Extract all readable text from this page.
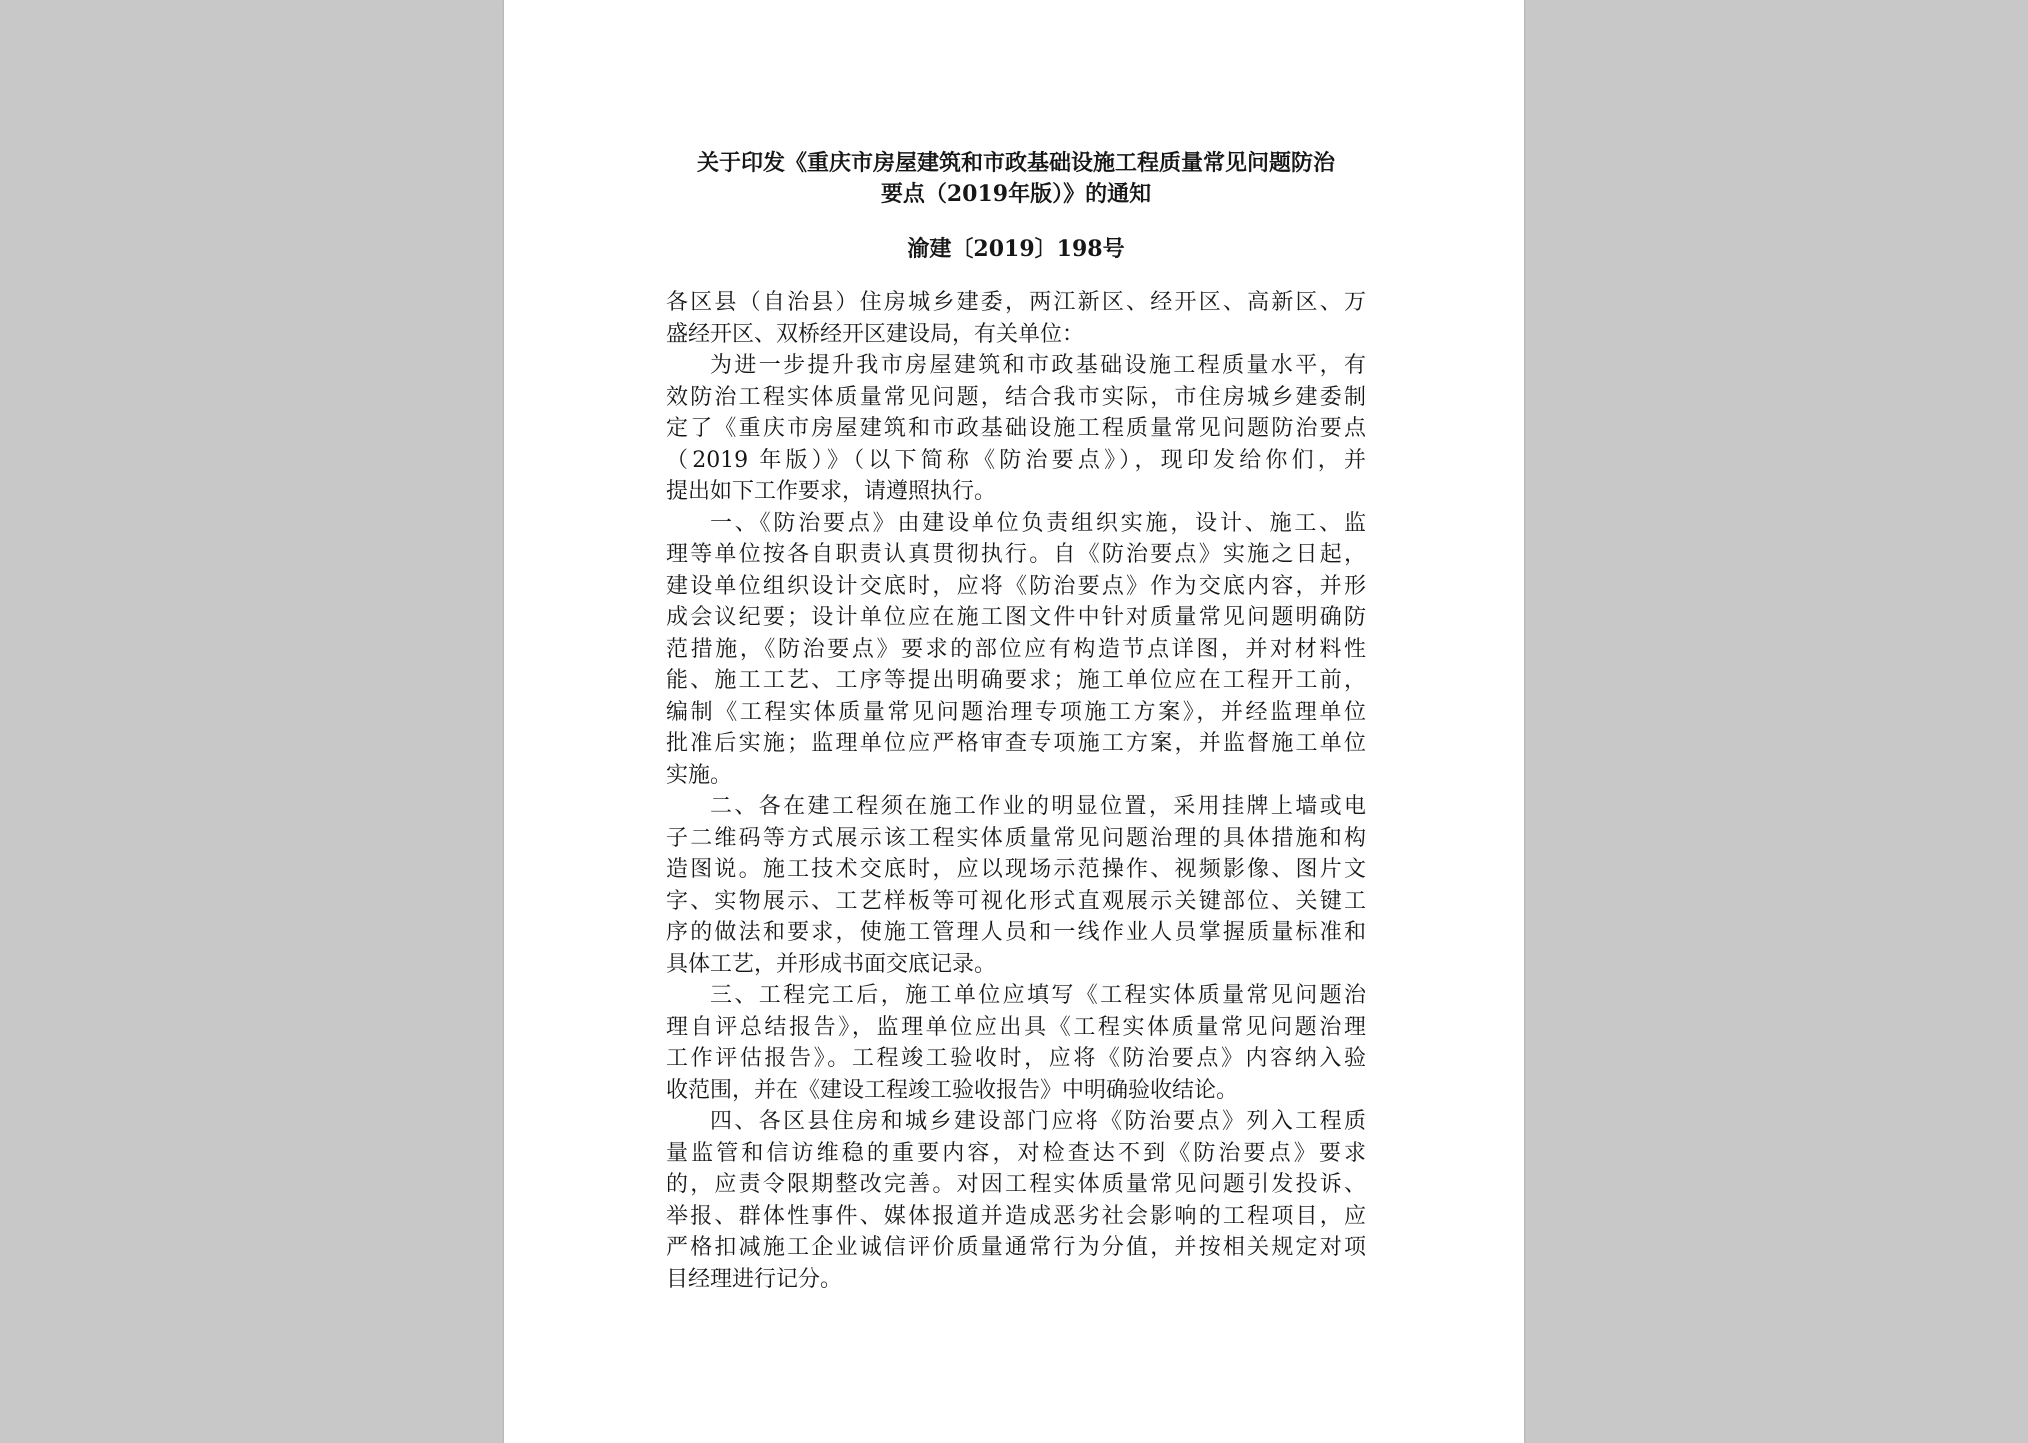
关于印发《重庆市房屋建筑和市政基础设施工程质量常见问题防治
要点（2019年版）》的通知
渝建〔2019〕198号

各区县（自治县）住房城乡建委，两江新区、经开区、高新区、万
盛经开区、双桥经开区建设局，有关单位：

为进一步提升我市房屋建筑和市政基础设施工程质量水平，有
效防治工程实体质量常见问题，结合我市实际，市住房城乡建委制
定了《重庆市房屋建筑和市政基础设施工程质量常见问题防治要点
（2019 年版）》（以下简称《防治要点》），现印发给你们，并
提出如下工作要求，请遵照执行。

一、《防治要点》由建设单位负责组织实施，设计、施工、监
理等单位按各自职责认真贯彻执行。自《防治要点》实施之日起，
建设单位组织设计交底时，应将《防治要点》作为交底内容，并形
成会议纪要；设计单位应在施工图文件中针对质量常见问题明确防
范措施，《防治要点》要求的部位应有构造节点详图，并对材料性
能、施工工艺、工序等提出明确要求；施工单位应在工程开工前，
编制《工程实体质量常见问题治理专项施工方案》，并经监理单位
批准后实施；监理单位应严格审查专项施工方案，并监督施工单位
实施。

二、各在建工程须在施工作业的明显位置，采用挂牌上墙或电
子二维码等方式展示该工程实体质量常见问题治理的具体措施和构
造图说。施工技术交底时，应以现场示范操作、视频影像、图片文
字、实物展示、工艺样板等可视化形式直观展示关键部位、关键工
序的做法和要求，使施工管理人员和一线作业人员掌握质量标准和
具体工艺，并形成书面交底记录。

三、工程完工后，施工单位应填写《工程实体质量常见问题治
理自评总结报告》，监理单位应出具《工程实体质量常见问题治理
工作评估报告》。工程竣工验收时，应将《防治要点》内容纳入验
收范围，并在《建设工程竣工验收报告》中明确验收结论。

四、各区县住房和城乡建设部门应将《防治要点》列入工程质
量监管和信访维稳的重要内容，对检查达不到《防治要点》要求
的，应责令限期整改完善。对因工程实体质量常见问题引发投诉、
举报、群体性事件、媒体报道并造成恶劣社会影响的工程项目，应
严格扣减施工企业诚信评价质量通常行为分值，并按相关规定对项
目经理进行记分。
